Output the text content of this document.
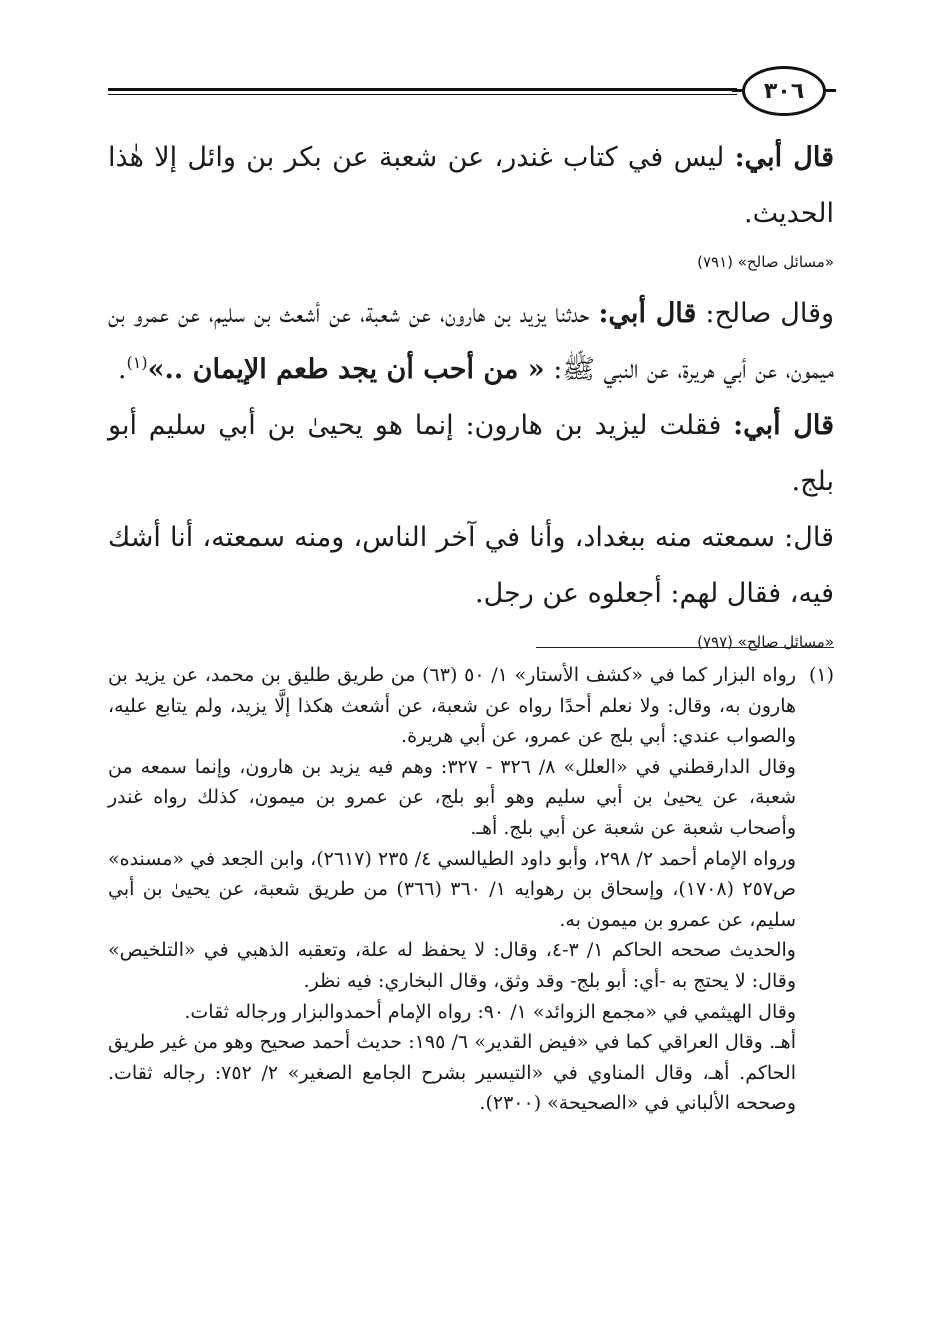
٣٠٦

قال أبي: ليس في كتاب غندر، عن شعبة عن بكر بن وائل إلا هٰذا الحديث.

«مسائل صالح» (٧٩١)

وقال صالح: قال أبي: حدثنا يزيد بن هارون، عن شعبة، عن أشعث بن سليم، عن عمرو بن ميمون، عن أبي هريرة، عن النبي ﷺ: « من أحب أن يجد طعم الإيمان ..»$^{(١)}$.

قال أبي: فقلت ليزيد بن هارون: إنما هو يحيىٰ بن أبي سليم أبو بلج.

قال: سمعته منه ببغداد، وأنا في آخر الناس، ومنه سمعته، أنا أشك فيه، فقال لهم: أجعلوه عن رجل.

«مسائل صالح» (٧٩٧)
(١)

رواه البزار كما في «كشف الأستار» ١/ ٥٠ (٦٣) من طريق طليق بن محمد، عن يزيد بن هارون به، وقال: ولا نعلم أحدًا رواه عن شعبة، عن أشعث هكذا إلَّا يزيد، ولم يتابع عليه، والصواب عندي: أبي بلج عن عمرو، عن أبي هريرة.

وقال الدارقطني في «العلل» ٨/ ٣٢٦ - ٣٢٧: وهم فيه يزيد بن هارون، وإنما سمعه من شعبة، عن يحيىٰ بن أبي سليم وهو أبو بلج، عن عمرو بن ميمون، كذلك رواه غندر وأصحاب شعبة عن شعبة عن أبي بلج. أهـ.

ورواه الإمام أحمد ٢/ ٢٩٨، وأبو داود الطيالسي ٤/ ٢٣٥ (٢٦١٧)، وابن الجعد في «مسنده» ص٢٥٧ (١٧٠٨)، وإسحاق بن رهوايه ١/ ٣٦٠ (٣٦٦) من طريق شعبة، عن يحيىٰ بن أبي سليم، عن عمرو بن ميمون به.

والحديث صححه الحاكم ١/ ٣-٤، وقال: لا يحفظ له علة، وتعقبه الذهبي في «التلخيص» وقال: لا يحتج به -أي: أبو بلج- وقد وثق، وقال البخاري: فيه نظر.

وقال الهيثمي في «مجمع الزوائد» ١/ ٩٠: رواه الإمام أحمدوالبزار ورجاله ثقات.

أهـ. وقال العراقي كما في «فيض القدير» ٦/ ١٩٥: حديث أحمد صحيح وهو من غير طريق الحاكم. أهـ، وقال المناوي في «التيسير بشرح الجامع الصغير» ٢/ ٧٥٢: رجاله ثقات. وصححه الألباني في «الصحيحة» (٢٣٠٠).
